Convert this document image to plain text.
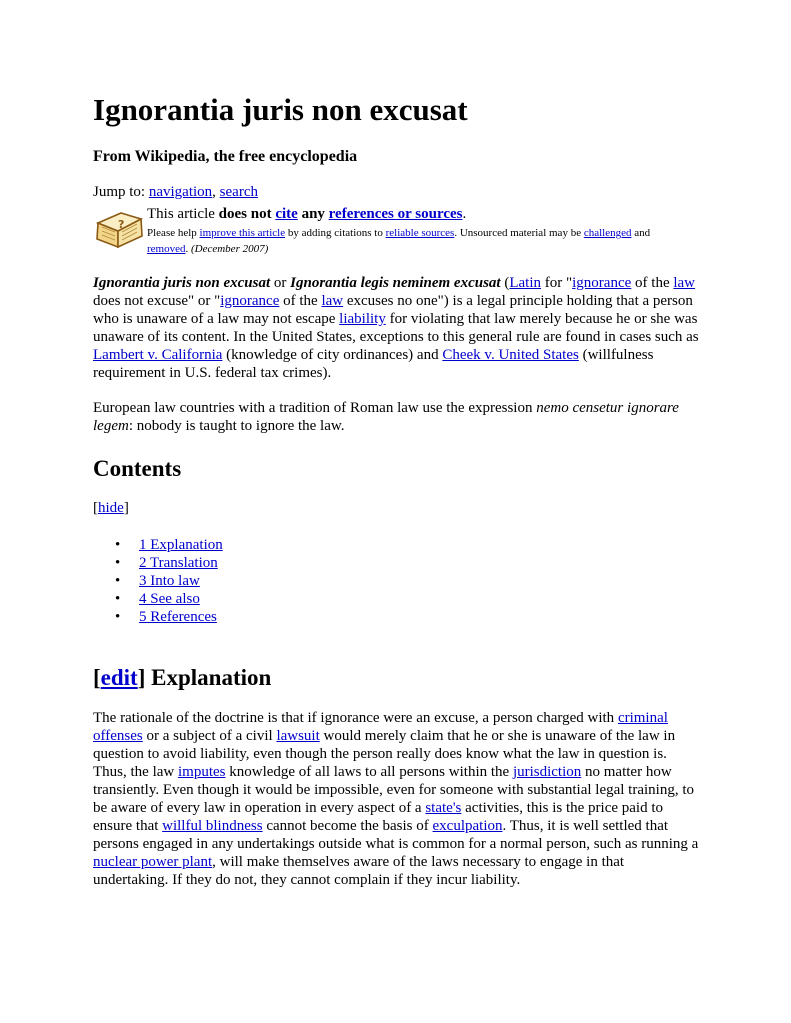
Ignorantia juris non excusat
From Wikipedia, the free encyclopedia
Jump to: navigation, search
?
This article does not cite any references or sources.
Please help improve this article by adding citations to reliable sources. Unsourced material may be challenged and removed. (December 2007)

Ignorantia juris non excusat or Ignorantia legis neminem excusat (Latin for "ignorance of the law does not excuse" or "ignorance of the law excuses no one") is a legal principle holding that a person who is unaware of a law may not escape liability for violating that law merely because he or she was unaware of its content. In the United States, exceptions to this general rule are found in cases such as Lambert v. California (knowledge of city ordinances) and Cheek v. United States (willfulness requirement in U.S. federal tax crimes).

European law countries with a tradition of Roman law use the expression nemo censetur ignorare legem: nobody is taught to ignore the law.

Contents
[hide]
• 1 Explanation
• 2 Translation
• 3 Into law
• 4 See also
• 5 References
[edit] Explanation

The rationale of the doctrine is that if ignorance were an excuse, a person charged with criminal offenses or a subject of a civil lawsuit would merely claim that he or she is unaware of the law in question to avoid liability, even though the person really does know what the law in question is. Thus, the law imputes knowledge of all laws to all persons within the jurisdiction no matter how transiently. Even though it would be impossible, even for someone with substantial legal training, to be aware of every law in operation in every aspect of a state's activities, this is the price paid to ensure that willful blindness cannot become the basis of exculpation. Thus, it is well settled that persons engaged in any undertakings outside what is common for a normal person, such as running a nuclear power plant, will make themselves aware of the laws necessary to engage in that undertaking. If they do not, they cannot complain if they incur liability.
